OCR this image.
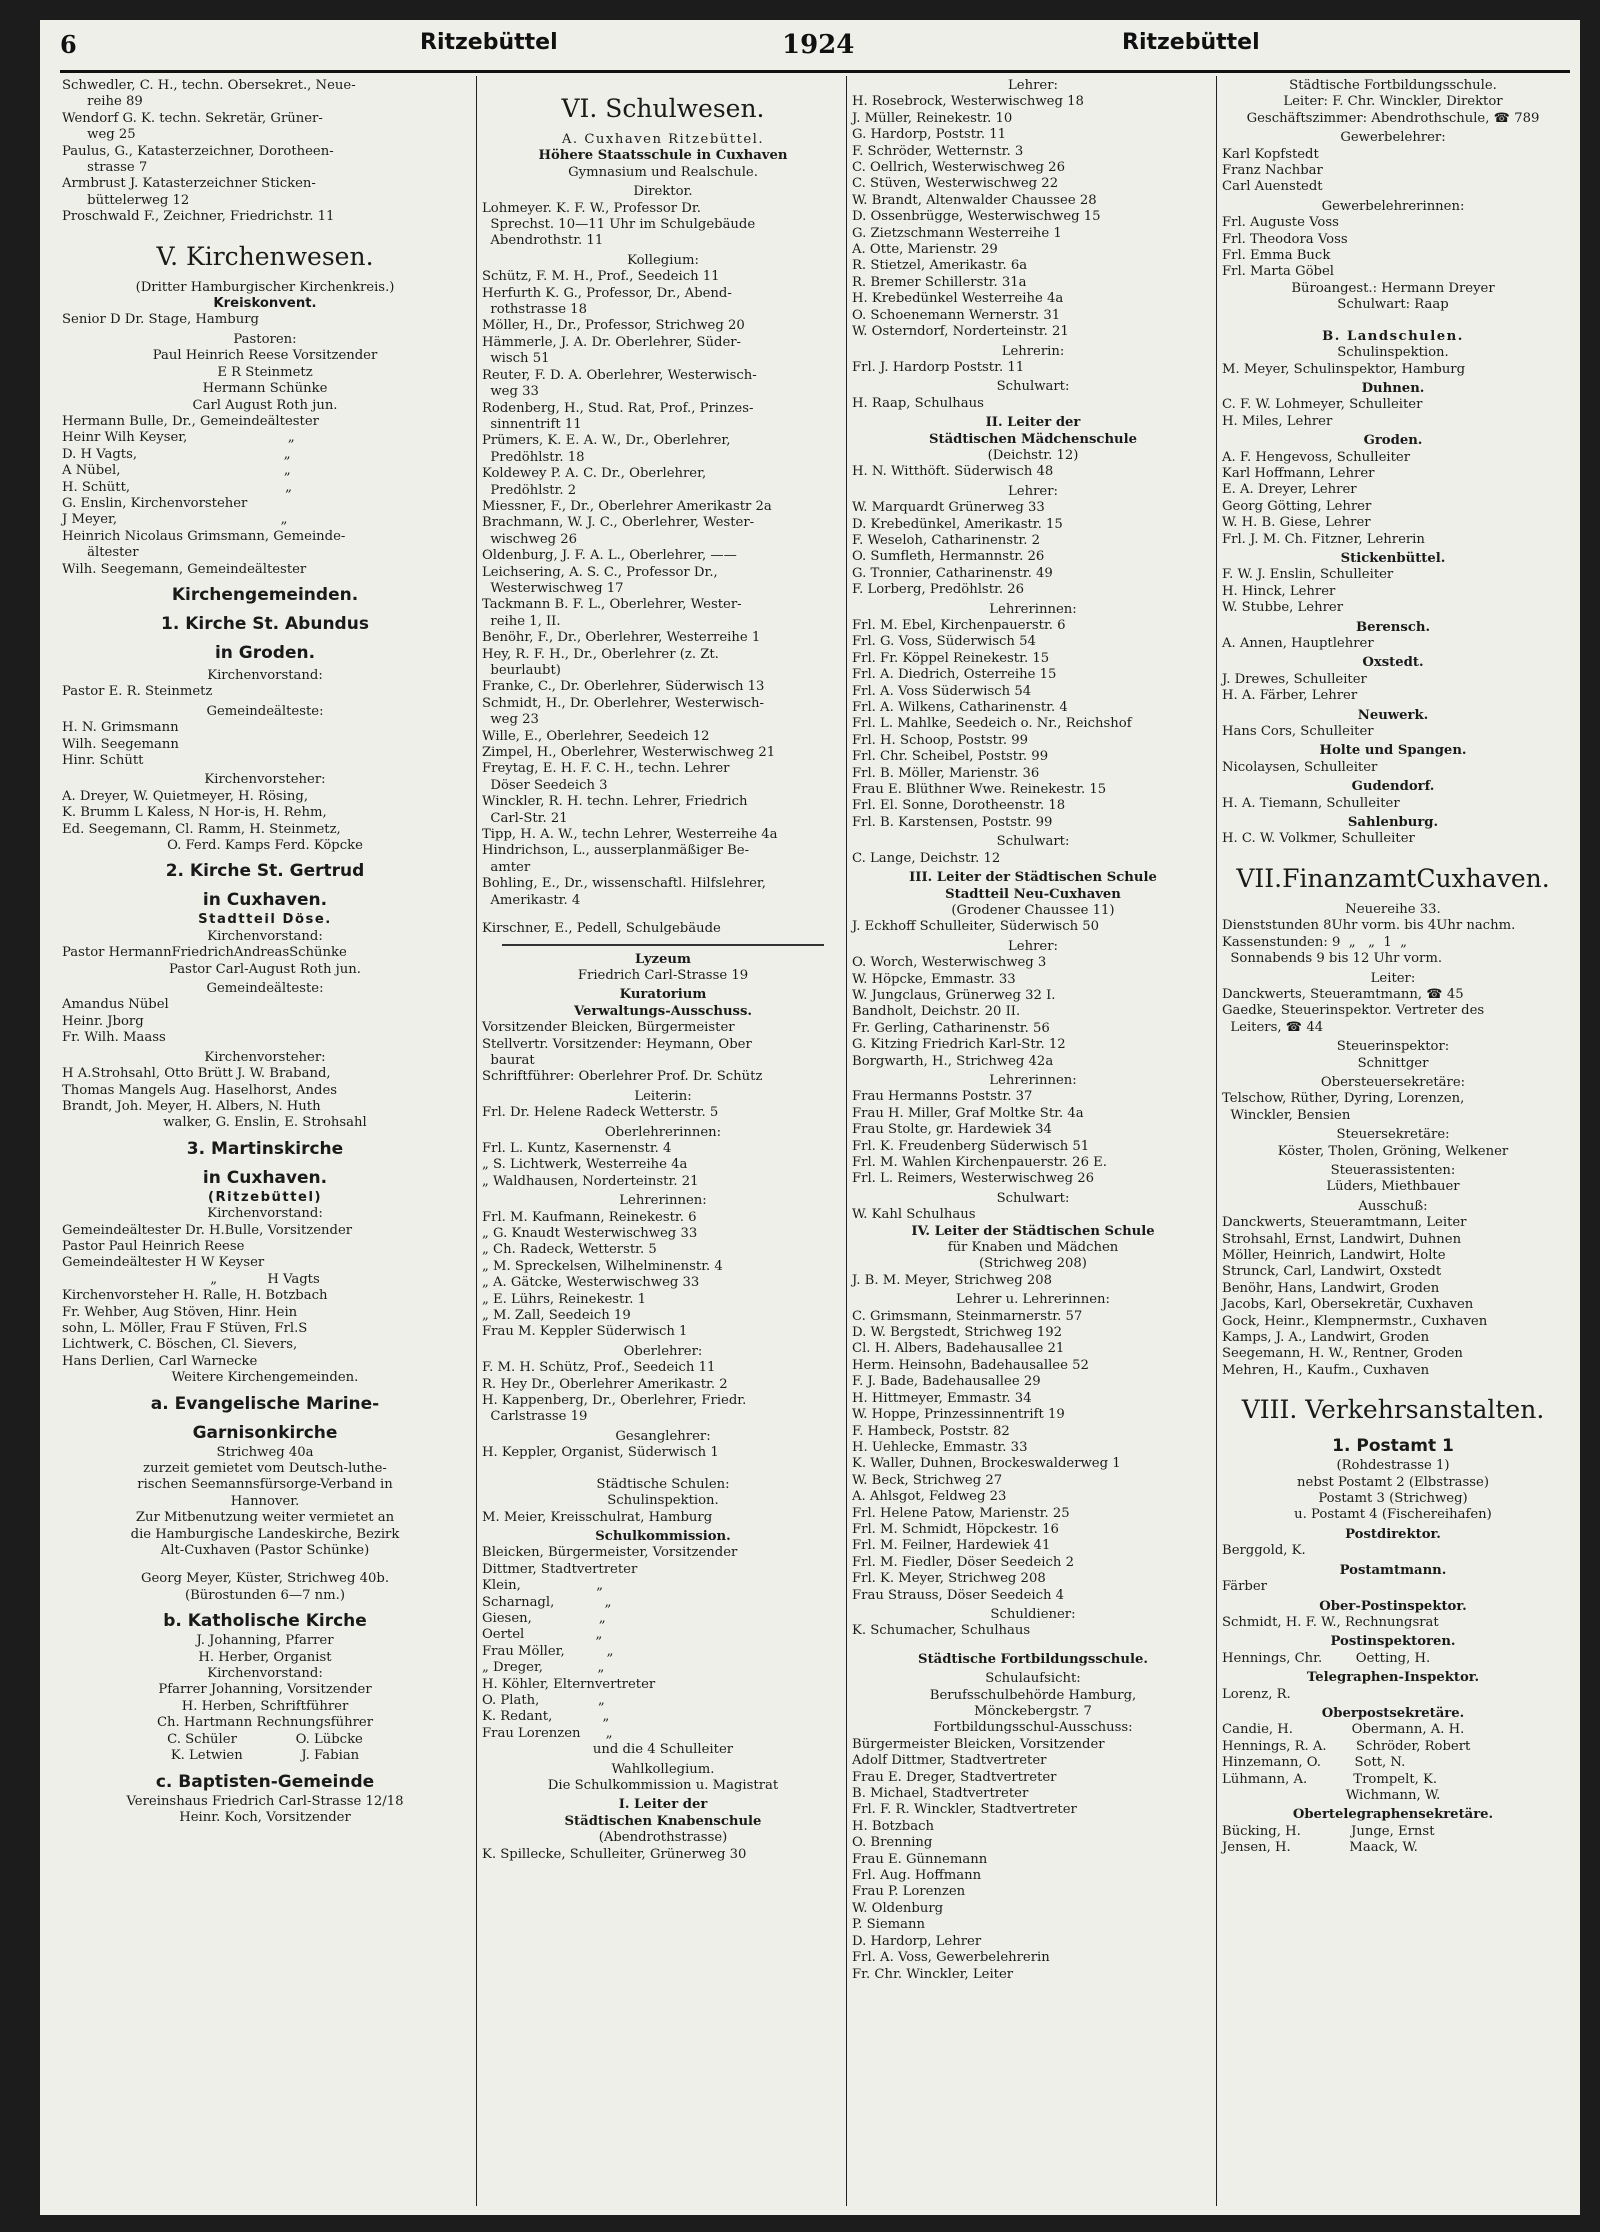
6	Ritzebüttel	1924	Ritzebüttel
Schwedler, C. H., techn. Obersekret., Neue-
reihe 89
Wendorf G. K. techn. Sekretär, Grüner-
weg 25
Paulus, G., Katasterzeichner, Dorotheen-
strasse 7
Armbrust J. Katasterzeichner Sticken-
büttelerweg 12
Proschwald F., Zeichner, Friedrichstr. 11
V. Kirchenwesen.
(Dritter Hamburgischer Kirchenkreis.)
Kreiskonvent.
Senior D Dr. Stage, Hamburg
Pastoren:
Paul Heinrich Reese Vorsitzender
E R Steinmetz
Hermann Schünke
Carl August Roth jun.
Hermann Bulle, Dr., Gemeindeältester
Heinr Wilh Keyser,                        „
D. H Vagts,                                   „
A Nübel,                                       „
H. Schütt,                                     „
G. Enslin, Kirchenvorsteher
J Meyer,                                       „
Heinrich Nicolaus Grimsmann, Gemeinde-
ältester
Wilh. Seegemann, Gemeindeältester
Kirchengemeinden.
1. Kirche St. Abundus
in Groden.
Kirchenvorstand:
Pastor E. R. Steinmetz
Gemeindeälteste:
H. N. Grimsmann
Wilh. Seegemann
Hinr. Schütt
Kirchenvorsteher:
A. Dreyer, W. Quietmeyer, H. Rösing,
K. Brumm L Kaless, N Hor-is, H. Rehm,
Ed. Seegemann, Cl. Ramm, H. Steinmetz,
O. Ferd. Kamps Ferd. Köpcke
2. Kirche St. Gertrud
in Cuxhaven.
Stadtteil Döse.
Kirchenvorstand:
Pastor HermannFriedrichAndreasSchünke
Pastor Carl-August Roth jun.
Gemeindeälteste:
Amandus Nübel
Heinr. Jborg
Fr. Wilh. Maass
Kirchenvorsteher:
H A.Strohsahl, Otto Brütt J. W. Braband,
Thomas Mangels Aug. Haselhorst, Andes
Brandt, Joh. Meyer, H. Albers, N. Huth
walker, G. Enslin, E. Strohsahl
3. Martinskirche
in Cuxhaven.
(Ritzebüttel)
Kirchenvorstand:
Gemeindeältester Dr. H.Bulle, Vorsitzender
Pastor Paul Heinrich Reese
Gemeindeältester H W Keyser
„            H Vagts
Kirchenvorsteher H. Ralle, H. Botzbach
Fr. Wehber, Aug Stöven, Hinr. Hein
sohn, L. Möller, Frau F Stüven, Frl.S
Lichtwerk, C. Böschen, Cl. Sievers,
Hans Derlien, Carl Warnecke
Weitere Kirchengemeinden.
a. Evangelische Marine-
Garnisonkirche
Strichweg 40a
zurzeit gemietet vom Deutsch-luthe-
rischen Seemannsfürsorge-Verband in
Hannover.
Zur Mitbenutzung weiter vermietet an
die Hamburgische Landeskirche, Bezirk
Alt-Cuxhaven (Pastor Schünke)
Georg Meyer, Küster, Strichweg 40b.
(Bürostunden 6—7 nm.)
b. Katholische Kirche
J. Johanning, Pfarrer
H. Herber, Organist
Kirchenvorstand:
Pfarrer Johanning, Vorsitzender
H. Herben, Schriftführer
Ch. Hartmann Rechnungsführer
C. Schüler              O. Lübcke
K. Letwien              J. Fabian
c. Baptisten-Gemeinde
Vereinshaus Friedrich Carl-Strasse 12/18
Heinr. Koch, Vorsitzender
VI. Schulwesen.
A. Cuxhaven Ritzebüttel.
Höhere Staatsschule in Cuxhaven
Gymnasium und Realschule.
Direktor.
Lohmeyer. K. F. W., Professor Dr.
Sprechst. 10—11 Uhr im Schulgebäude
Abendrothstr. 11
Kollegium:
Schütz, F. M. H., Prof., Seedeich 11
Herfurth K. G., Professor, Dr., Abend-
rothstrasse 18
Möller, H., Dr., Professor, Strichweg 20
Hämmerle, J. A. Dr. Oberlehrer, Süder-
wisch 51
Reuter, F. D. A. Oberlehrer, Westerwisch-
weg 33
Rodenberg, H., Stud. Rat, Prof., Prinzes-
sinnentrift 11
Prümers, K. E. A. W., Dr., Oberlehrer,
Predöhlstr. 18
Koldewey P. A. C. Dr., Oberlehrer,
Predöhlstr. 2
Miessner, F., Dr., Oberlehrer Amerikastr 2a
Brachmann, W. J. C., Oberlehrer, Wester-
wischweg 26
Oldenburg, J. F. A. L., Oberlehrer, ——
Leichsering, A. S. C., Professor Dr.,
Westerwischweg 17
Tackmann B. F. L., Oberlehrer, Wester-
reihe 1, II.
Benöhr, F., Dr., Oberlehrer, Westerreihe 1
Hey, R. F. H., Dr., Oberlehrer (z. Zt.
beurlaubt)
Franke, C., Dr. Oberlehrer, Süderwisch 13
Schmidt, H., Dr. Oberlehrer, Westerwisch-
weg 23
Wille, E., Oberlehrer, Seedeich 12
Zimpel, H., Oberlehrer, Westerwischweg 21
Freytag, E. H. F. C. H., techn. Lehrer
Döser Seedeich 3
Winckler, R. H. techn. Lehrer, Friedrich
Carl-Str. 21
Tipp, H. A. W., techn Lehrer, Westerreihe 4a
Hindrichson, L., ausserplanmäßiger Be-
amter
Bohling, E., Dr., wissenschaftl. Hilfslehrer,
Amerikastr. 4
Kirschner, E., Pedell, Schulgebäude
Lyzeum
Friedrich Carl-Strasse 19
Kuratorium
Verwaltungs-Ausschuss.
Vorsitzender Bleicken, Bürgermeister
Stellvertr. Vorsitzender: Heymann, Ober
baurat
Schriftführer: Oberlehrer Prof. Dr. Schütz
Leiterin:
Frl. Dr. Helene Radeck Wetterstr. 5
Oberlehrerinnen:
Frl. L. Kuntz, Kasernenstr. 4
„ S. Lichtwerk, Westerreihe 4a
„ Waldhausen, Norderteinstr. 21
Lehrerinnen:
Frl. M. Kaufmann, Reinekestr. 6
„ G. Knaudt Westerwischweg 33
„ Ch. Radeck, Wetterstr. 5
„ M. Spreckelsen, Wilhelminenstr. 4
„ A. Gätcke, Westerwischweg 33
„ E. Lührs, Reinekestr. 1
„ M. Zall, Seedeich 19
Frau M. Keppler Süderwisch 1
Oberlehrer:
F. M. H. Schütz, Prof., Seedeich 11
R. Hey Dr., Oberlehrer Amerikastr. 2
H. Kappenberg, Dr., Oberlehrer, Friedr.
Carlstrasse 19
Gesanglehrer:
H. Keppler, Organist, Süderwisch 1
Städtische Schulen:
Schulinspektion.
M. Meier, Kreisschulrat, Hamburg
Schulkommission.
Bleicken, Bürgermeister, Vorsitzender
Dittmer, Stadtvertreter
Klein,                  „
Scharnagl,            „
Giesen,                „
Oertel                 „
Frau Möller,          „
„ Dreger,             „
H. Köhler, Elternvertreter
O. Plath,              „
K. Redant,            „
Frau Lorenzen      „
und die 4 Schulleiter
Wahlkollegium.
Die Schulkommission u. Magistrat
I. Leiter der
Städtischen Knabenschule
(Abendrothstrasse)
K. Spillecke, Schulleiter, Grünerweg 30
Lehrer:
H. Rosebrock, Westerwischweg 18
J. Müller, Reinekestr. 10
G. Hardorp, Poststr. 11
F. Schröder, Wetternstr. 3
C. Oellrich, Westerwischweg 26
C. Stüven, Westerwischweg 22
W. Brandt, Altenwalder Chaussee 28
D. Ossenbrügge, Westerwischweg 15
G. Zietzschmann Westerreihe 1
A. Otte, Marienstr. 29
R. Stietzel, Amerikastr. 6a
R. Bremer Schillerstr. 31a
H. Krebedünkel Westerreihe 4a
O. Schoenemann Wernerstr. 31
W. Osterndorf, Norderteinstr. 21
Lehrerin:
Frl. J. Hardorp Poststr. 11
Schulwart:
H. Raap, Schulhaus
II. Leiter der
Städtischen Mädchenschule
(Deichstr. 12)
H. N. Witthöft. Süderwisch 48
Lehrer:
W. Marquardt Grünerweg 33
D. Krebedünkel, Amerikastr. 15
F. Weseloh, Catharinenstr. 2
O. Sumfleth, Hermannstr. 26
G. Tronnier, Catharinenstr. 49
F. Lorberg, Predöhlstr. 26
Lehrerinnen:
Frl. M. Ebel, Kirchenpauerstr. 6
Frl. G. Voss, Süderwisch 54
Frl. Fr. Köppel Reinekestr. 15
Frl. A. Diedrich, Osterreihe 15
Frl. A. Voss Süderwisch 54
Frl. A. Wilkens, Catharinenstr. 4
Frl. L. Mahlke, Seedeich o. Nr., Reichshof
Frl. H. Schoop, Poststr. 99
Frl. Chr. Scheibel, Poststr. 99
Frl. B. Möller, Marienstr. 36
Frau E. Blüthner Wwe. Reinekestr. 15
Frl. El. Sonne, Dorotheenstr. 18
Frl. B. Karstensen, Poststr. 99
Schulwart:
C. Lange, Deichstr. 12
III. Leiter der Städtischen Schule
Stadtteil Neu-Cuxhaven
(Grodener Chaussee 11)
J. Eckhoff Schulleiter, Süderwisch 50
Lehrer:
O. Worch, Westerwischweg 3
W. Höpcke, Emmastr. 33
W. Jungclaus, Grünerweg 32 I.
Bandholt, Deichstr. 20 II.
Fr. Gerling, Catharinenstr. 56
G. Kitzing Friedrich Karl-Str. 12
Borgwarth, H., Strichweg 42a
Lehrerinnen:
Frau Hermanns Poststr. 37
Frau H. Miller, Graf Moltke Str. 4a
Frau Stolte, gr. Hardewiek 34
Frl. K. Freudenberg Süderwisch 51
Frl. M. Wahlen Kirchenpauerstr. 26 E.
Frl. L. Reimers, Westerwischweg 26
Schulwart:
W. Kahl Schulhaus
IV. Leiter der Städtischen Schule
für Knaben und Mädchen
(Strichweg 208)
J. B. M. Meyer, Strichweg 208
Lehrer u. Lehrerinnen:
C. Grimsmann, Steinmarnerstr. 57
D. W. Bergstedt, Strichweg 192
Cl. H. Albers, Badehausallee 21
Herm. Heinsohn, Badehausallee 52
F. J. Bade, Badehausallee 29
H. Hittmeyer, Emmastr. 34
W. Hoppe, Prinzessinnentrift 19
F. Hambeck, Poststr. 82
H. Uehlecke, Emmastr. 33
K. Waller, Duhnen, Brockeswalderweg 1
W. Beck, Strichweg 27
A. Ahlsgot, Feldweg 23
Frl. Helene Patow, Marienstr. 25
Frl. M. Schmidt, Höpckestr. 16
Frl. M. Feilner, Hardewiek 41
Frl. M. Fiedler, Döser Seedeich 2
Frl. K. Meyer, Strichweg 208
Frau Strauss, Döser Seedeich 4
Schuldiener:
K. Schumacher, Schulhaus
Städtische Fortbildungsschule.
Schulaufsicht:
Berufsschulbehörde Hamburg,
Mönckebergstr. 7
Fortbildungsschul-Ausschuss:
Bürgermeister Bleicken, Vorsitzender
Adolf Dittmer, Stadtvertreter
Frau E. Dreger, Stadtvertreter
B. Michael, Stadtvertreter
Frl. F. R. Winckler, Stadtvertreter
H. Botzbach
O. Brenning
Frau E. Günnemann
Frl. Aug. Hoffmann
Frau P. Lorenzen
W. Oldenburg
P. Siemann
D. Hardorp, Lehrer
Frl. A. Voss, Gewerbelehrerin
Fr. Chr. Winckler, Leiter
Städtische Fortbildungsschule.
Leiter: F. Chr. Winckler, Direktor
Geschäftszimmer: Abendrothschule, ☎ 789
Gewerbelehrer:
Karl Kopfstedt
Franz Nachbar
Carl Auenstedt
Gewerbelehrerinnen:
Frl. Auguste Voss
Frl. Theodora Voss
Frl. Emma Buck
Frl. Marta Göbel
Büroangest.: Hermann Dreyer
Schulwart: Raap
B. Landschulen.
Schulinspektion.
M. Meyer, Schulinspektor, Hamburg
Duhnen.
C. F. W. Lohmeyer, Schulleiter
H. Miles, Lehrer
Groden.
A. F. Hengevoss, Schulleiter
Karl Hoffmann, Lehrer
E. A. Dreyer, Lehrer
Georg Götting, Lehrer
W. H. B. Giese, Lehrer
Frl. J. M. Ch. Fitzner, Lehrerin
Stickenbüttel.
F. W. J. Enslin, Schulleiter
H. Hinck, Lehrer
W. Stubbe, Lehrer
Berensch.
A. Annen, Hauptlehrer
Oxstedt.
J. Drewes, Schulleiter
H. A. Färber, Lehrer
Neuwerk.
Hans Cors, Schulleiter
Holte und Spangen.
Nicolaysen, Schulleiter
Gudendorf.
H. A. Tiemann, Schulleiter
Sahlenburg.
H. C. W. Volkmer, Schulleiter
VII.FinanzamtCuxhaven.
Neuereihe 33.
Dienststunden 8Uhr vorm. bis 4Uhr nachm.
Kassenstunden: 9  „   „  1  „
Sonnabends 9 bis 12 Uhr vorm.
Leiter:
Danckwerts, Steueramtmann, ☎ 45
Gaedke, Steuerinspektor. Vertreter des
Leiters, ☎ 44
Steuerinspektor:
Schnittger
Obersteuersekretäre:
Telschow, Rüther, Dyring, Lorenzen,
Winckler, Bensien
Steuersekretäre:
Köster, Tholen, Gröning, Welkener
Steuerassistenten:
Lüders, Miethbauer
Ausschuß:
Danckwerts, Steueramtmann, Leiter
Strohsahl, Ernst, Landwirt, Duhnen
Möller, Heinrich, Landwirt, Holte
Strunck, Carl, Landwirt, Oxstedt
Benöhr, Hans, Landwirt, Groden
Jacobs, Karl, Obersekretär, Cuxhaven
Gock, Heinr., Klempnermstr., Cuxhaven
Kamps, J. A., Landwirt, Groden
Seegemann, H. W., Rentner, Groden
Mehren, H., Kaufm., Cuxhaven
VIII. Verkehrsanstalten.
1. Postamt 1
(Rohdestrasse 1)
nebst Postamt 2 (Elbstrasse)
Postamt 3 (Strichweg)
u. Postamt 4 (Fischereihafen)
Postdirektor.
Berggold, K.
Postamtmann.
Färber
Ober-Postinspektor.
Schmidt, H. F. W., Rechnungsrat
Postinspektoren.
Hennings, Chr.        Oetting, H.
Telegraphen-Inspektor.
Lorenz, R.
Oberpostsekretäre.
Candie, H.              Obermann, A. H.
Hennings, R. A.       Schröder, Robert
Hinzemann, O.        Sott, N.
Lühmann, A.           Trompelt, K.
Wichmann, W.
Obertelegraphensekretäre.
Bücking, H.            Junge, Ernst
Jensen, H.              Maack, W.
